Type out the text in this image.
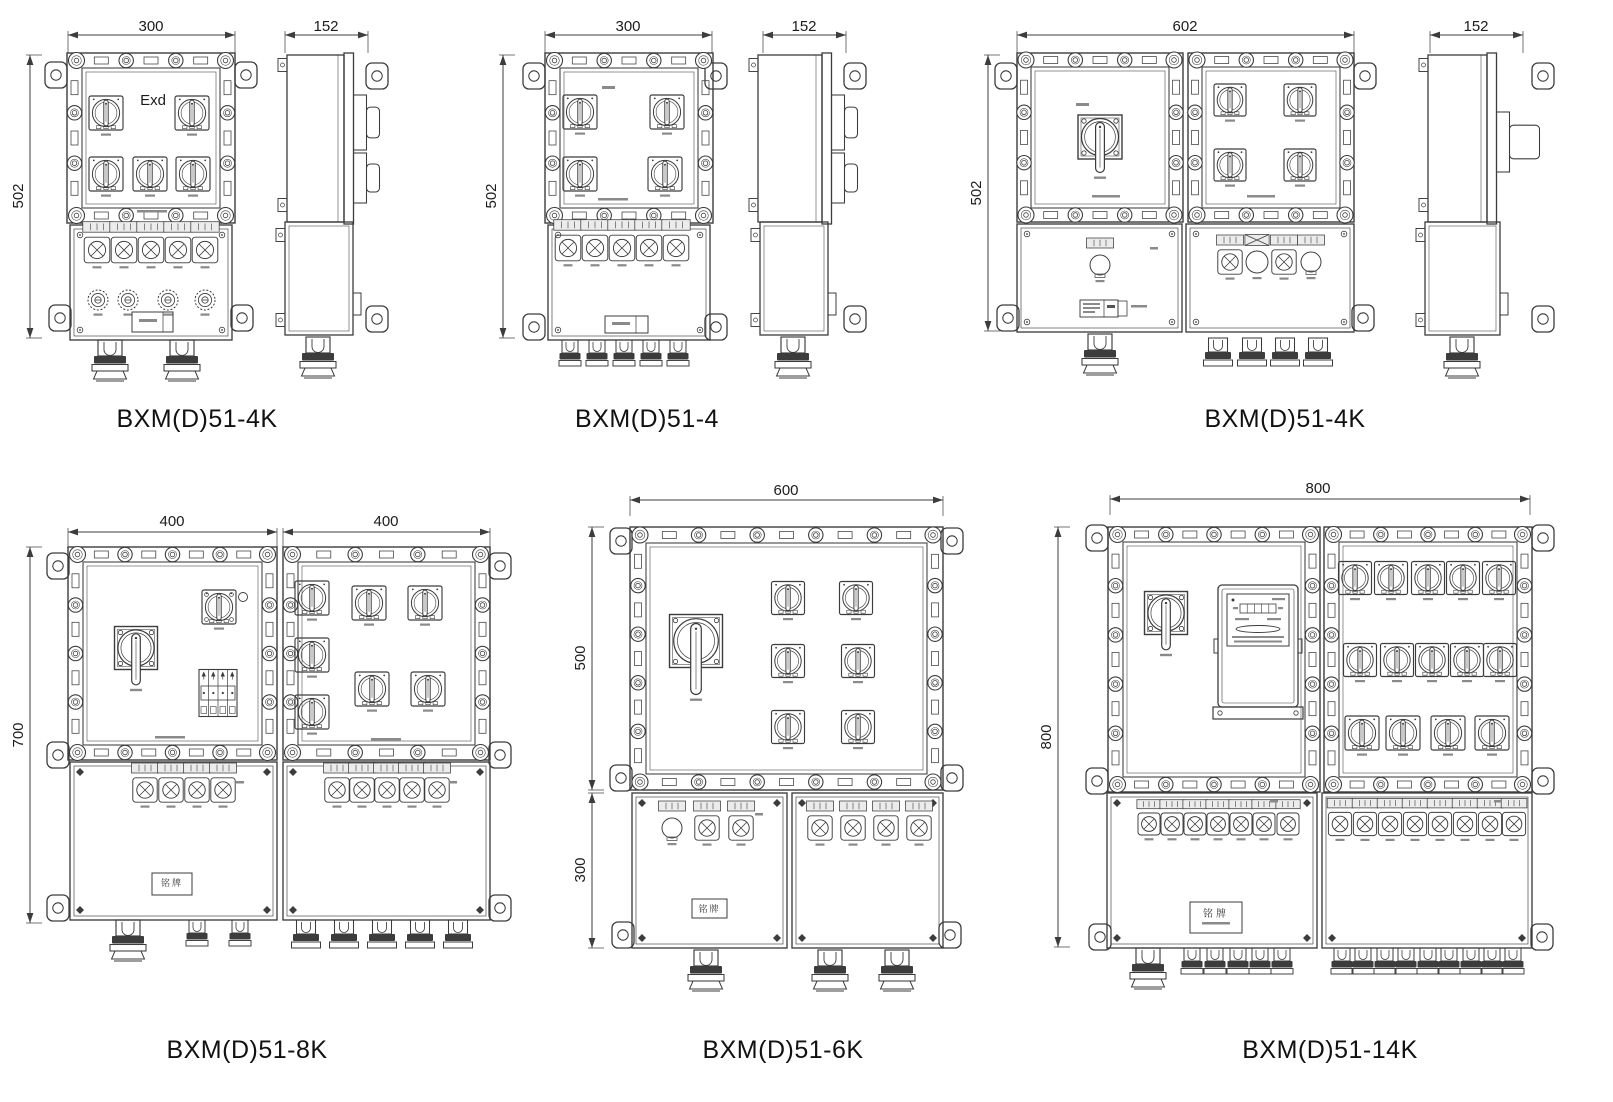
300	152
502
Exd
BXM(D)51-4K
300	152
502
BXM(D)51-4
602	152
502
BXM(D)51-4K
400	400
700
铭牌
BXM(D)51-8K
600
500
300
铭牌
BXM(D)51-6K
800
800
铭牌
BXM(D)51-14K
